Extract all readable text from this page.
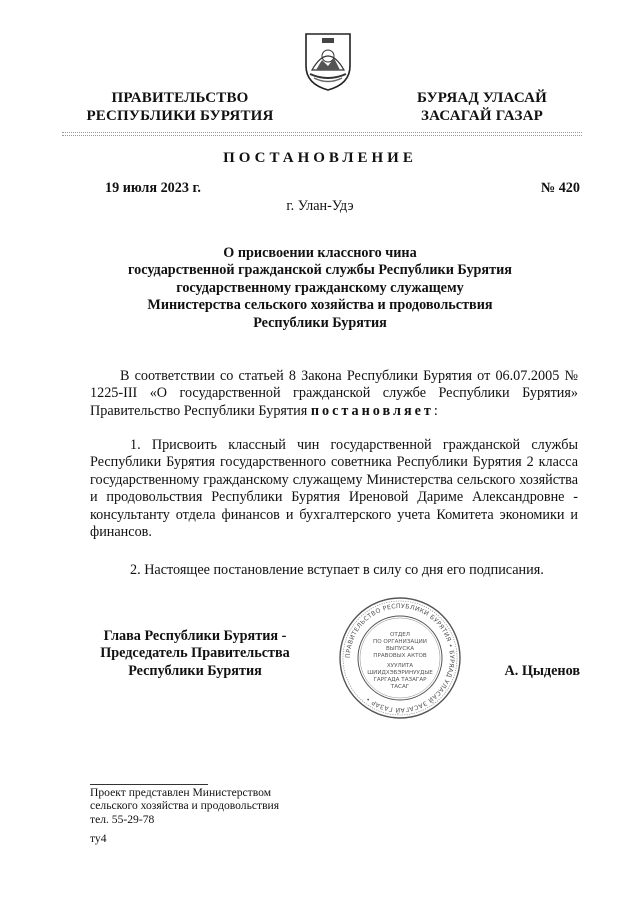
ПРАВИТЕЛЬСТВО
РЕСПУБЛИКИ БУРЯТИЯ
БУРЯАД УЛАСАЙ
ЗАСАГАЙ ГАЗАР
ПОСТАНОВЛЕНИЕ
19 июля 2023 г.	№ 420
г. Улан-Удэ
О присвоении классного чина
государственной гражданской службы Республики Бурятия
государственному гражданскому служащему
Министерства сельского хозяйства и продовольствия
Республики Бурятия
В соответствии со статьей 8 Закона Республики Бурятия от 06.07.2005 № 1225-III «О государственной гражданской службе Республики Бурятия» Правительство Республики Бурятия постановляет:
1. Присвоить классный чин государственной гражданской службы Республики Бурятия государственного советника Республики Бурятия 2 класса государственному гражданскому служащему Министерства сельского хозяйства и продовольствия Республики Бурятия Иреновой Дариме Александровне - консультанту отдела финансов и бухгалтерского учета Комитета экономики и финансов.
2. Настоящее постановление вступает в силу со дня его подписания.
Глава Республики Бурятия -
Председатель Правительства
Республики Бурятия	А. Цыденов
ПРАВИТЕЛЬСТВО РЕСПУБЛИКИ БУРЯТИЯ • БУРЯАД УЛАСАЙ ЗАСАГАЙ ГАЗАР •
ОТДЕЛ
ПО ОРГАНИЗАЦИИ
ВЫПУСКА
ПРАВОВЫХ АКТОВ
ХУУЛИТА
ШИИДХЭБЭРИНУУДЫЕ
ГАРГАДА ТАЗАГАР
ТАСАГ
Проект представлен Министерством
сельского хозяйства и продовольствия
тел. 55-29-78
ту4
